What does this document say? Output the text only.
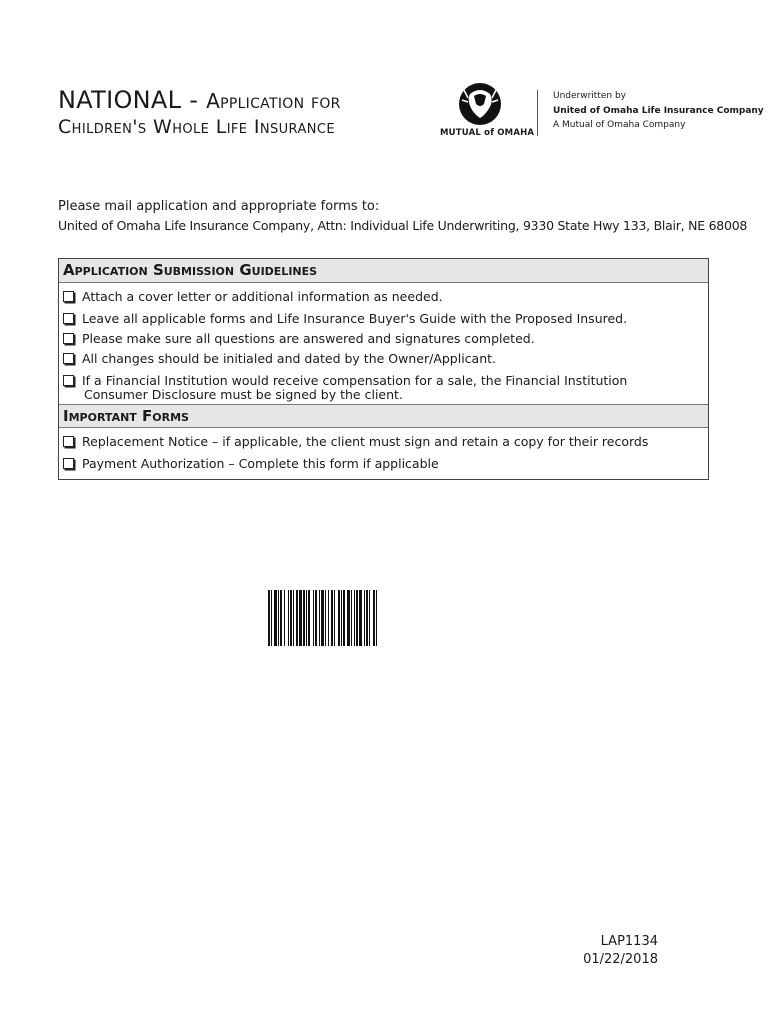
NATIONAL - Application for
Children's Whole Life Insurance	MUTUAL of OMAHA
Underwritten by
United of Omaha Life Insurance Company
A Mutual of Omaha Company
Please mail application and appropriate forms to:
United of Omaha Life Insurance Company, Attn: Individual Life Underwriting, 9330 State Hwy 133, Blair, NE 68008
Application Submission Guidelines
Attach a cover letter or additional information as needed.
Leave all applicable forms and Life Insurance Buyer's Guide with the Proposed Insured.
Please make sure all questions are answered and signatures completed.
All changes should be initialed and dated by the Owner/Applicant.
If a Financial Institution would receive compensation for a sale, the Financial Institution
Consumer Disclosure must be signed by the client.
Important Forms
Replacement Notice – if applicable, the client must sign and retain a copy for their records
Payment Authorization – Complete this form if applicable
LAP1134
01/22/2018
